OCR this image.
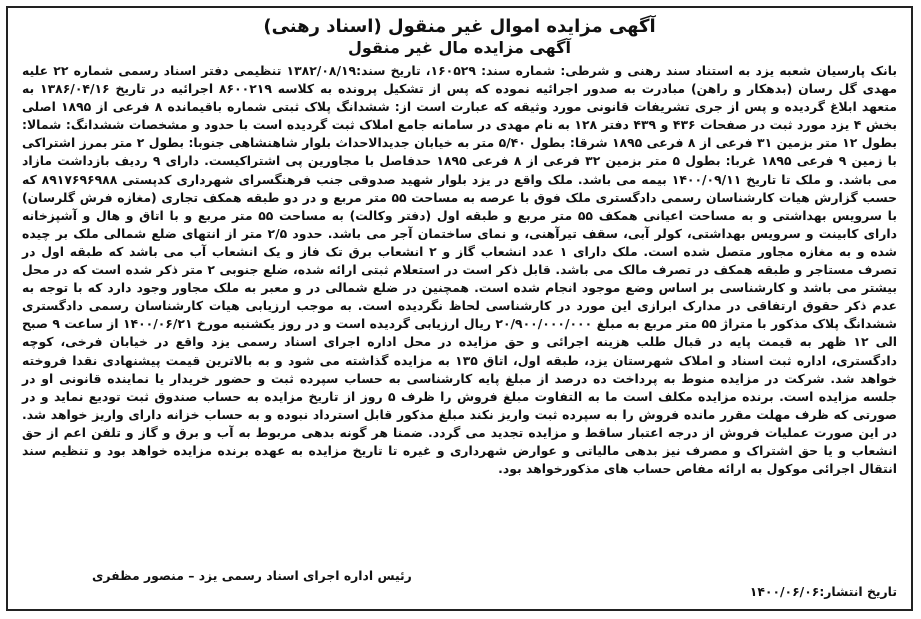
آگهی مزایده اموال غیر منقول (اسناد رهنی)
آگهی مزایده مال غیر منقول

بانک پارسیان شعبه یزد به استناد سند رهنی و شرطی: شماره سند: ۱۶۰۵۲۹، تاریخ سند:۱۳۸۲/۰۸/۱۹ تنظیمی دفتر اسناد رسمی شماره ۲۲ علیه مهدی گل رسان (بدهکار و راهن) مبادرت به صدور اجرائیه نموده که پس از تشکیل پرونده به کلاسه ۸۶۰۰۲۱۹ اجرائیه در تاریخ ۱۳۸۶/۰۴/۱۶ به متعهد ابلاغ گردیده و پس از جری تشریفات قانونی مورد وثیقه که عبارت است از: ششدانگ پلاک ثبتی شماره باقیمانده ۸ فرعی از ۱۸۹۵ اصلی بخش ۴ یزد مورد ثبت در صفحات ۴۳۶ و ۴۳۹ دفتر ۱۲۸ به نام مهدی در سامانه جامع املاک ثبت گردیده است با حدود و مشخصات ششدانگ: شمالا: بطول ۱۲ متر بزمین ۳۱ فرعی از ۸ فرعی ۱۸۹۵ شرقا: بطول ۵/۴۰ متر به خیابان جدیدالاحداث بلوار شاهنشاهی جنوبا: بطول ۲ متر بمرز اشتراکی با زمین ۹ فرعی ۱۸۹۵ غربا: بطول ۵ متر بزمین ۳۲ فرعی از ۸ فرعی ۱۸۹۵ حدفاصل با مجاورین پی اشتراکیست. دارای ۹ ردیف بازداشت مازاد می باشد. و ملک تا تاریخ ۱۴۰۰/۰۹/۱۱ بیمه می باشد. ملک واقع در یزد بلوار شهید صدوقی جنب فرهنگسرای شهرداری کدپستی ۸۹۱۷۶۹۶۹۸۸ که حسب گزارش هیات کارشناسان رسمی دادگستری ملک فوق با عرصه به مساحت ۵۵ متر مربع و در دو طبقه همکف تجاری (مغازه فرش گلرسان) با سرویس بهداشتی و به مساحت اعیانی همکف ۵۵ متر مربع و طبقه اول (دفتر وکالت) به مساحت ۵۵ متر مربع و با اتاق و هال و آشپزخانه دارای کابینت و سرویس بهداشتی، کولر آبی، سقف تیرآهنی، و نمای ساختمان آجر می باشد. حدود ۲/۵ متر از انتهای ضلع شمالی ملک بر چیده شده و به مغازه مجاور متصل شده است. ملک دارای ۱ عدد انشعاب گاز و ۲ انشعاب برق تک فاز و یک انشعاب آب می باشد که طبقه اول در تصرف مستاجر و طبقه همکف در تصرف مالک می باشد. قابل ذکر است در استعلام ثبتی ارائه شده، ضلع جنوبی ۲ متر ذکر شده است که در محل بیشتر می باشد و کارشناسی بر اساس وضع موجود انجام شده است. همچنین در ضلع شمالی در و معبر به ملک مجاور وجود دارد که با توجه به عدم ذکر حقوق ارتفاقی در مدارک ابرازی این مورد در کارشناسی لحاظ نگردیده است. به موجب ارزیابی هیات کارشناسان رسمی دادگستری ششدانگ پلاک مذکور با متراژ ۵۵ متر مربع به مبلغ ۲۰/۹۰۰/۰۰۰/۰۰۰ ریال ارزیابی گردیده است و در روز یکشنبه مورخ ۱۴۰۰/۰۶/۲۱ از ساعت ۹ صبح الی ۱۲ ظهر به قیمت پایه در قبال طلب هزینه اجرائی و حق مزایده در محل اداره اجرای اسناد رسمی یزد واقع در خیابان فرخی، کوچه دادگستری، اداره ثبت اسناد و املاک شهرستان یزد، طبقه اول، اتاق ۱۳۵ به مزایده گذاشته می شود و به بالاترین قیمت پیشنهادی نقدا فروخته خواهد شد. شرکت در مزایده منوط به پرداخت ده درصد از مبلغ پایه کارشناسی به حساب سپرده ثبت و حضور خریدار یا نماینده قانونی او در جلسه مزایده است. برنده مزایده مکلف است ما به التفاوت مبلغ فروش را ظرف ۵ روز از تاریخ مزایده به حساب صندوق ثبت تودیع نماید و در صورتی که ظرف مهلت مقرر مانده فروش را به سپرده ثبت واریز نکند مبلغ مذکور قابل استرداد نبوده و به حساب خزانه دارای واریز خواهد شد. در این صورت عملیات فروش از درجه اعتبار ساقط و مزایده تجدید می گردد. ضمنا هر گونه بدهی مربوط به آب و برق و گاز و تلفن اعم از حق انشعاب و یا حق اشتراک و مصرف نیز بدهی مالیاتی و عوارض شهرداری و غیره تا تاریخ مزایده به عهده برنده مزایده خواهد بود و تنظیم سند انتقال اجرائی موکول به ارائه مفاص حساب های مذکورخواهد بود.

رئیس اداره اجرای اسناد رسمی یزد – منصور مظفری
تاریخ انتشار:۱۴۰۰/۰۶/۰۶
